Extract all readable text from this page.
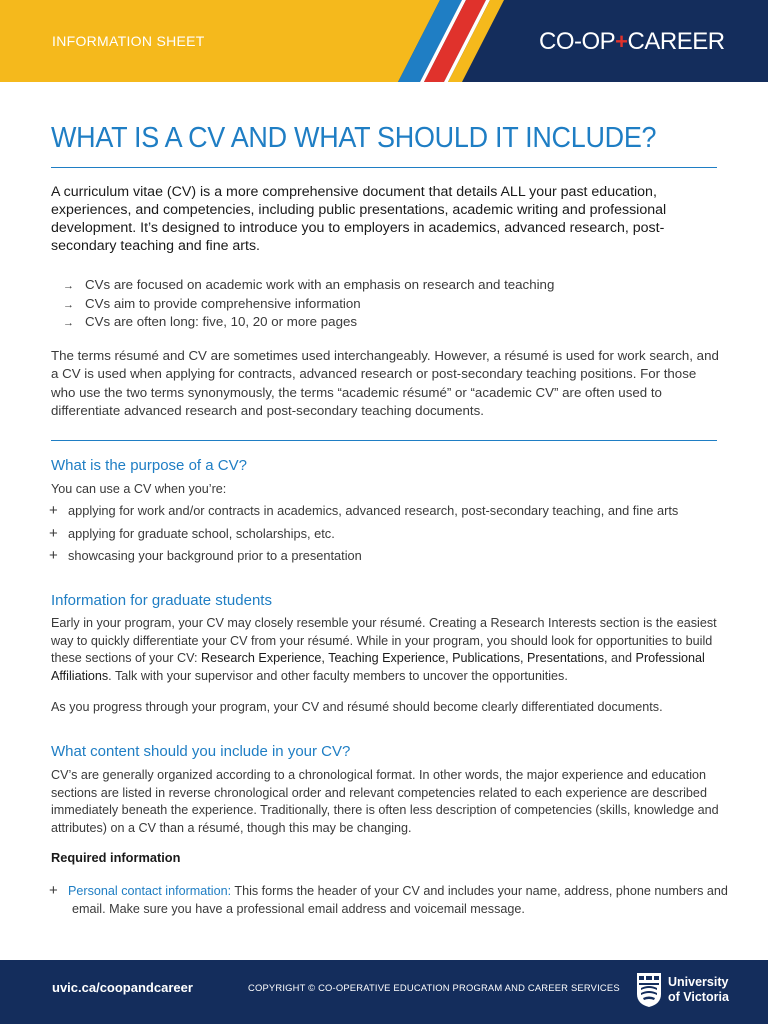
INFORMATION SHEET	CO-OP+CAREER
WHAT IS A CV AND WHAT SHOULD IT INCLUDE?

A curriculum vitae (CV) is a more comprehensive document that details ALL your past education, experiences, and competencies, including public presentations, academic writing and professional development. It’s designed to introduce you to employers in academics, advanced research, post-secondary teaching and fine arts.

→ CVs are focused on academic work with an emphasis on research and teaching
→ CVs aim to provide comprehensive information
→ CVs are often long: five, 10, 20 or more pages

The terms résumé and CV are sometimes used interchangeably. However, a résumé is used for work search, and a CV is used when applying for contracts, advanced research or post-secondary teaching positions. For those who use the two terms synonymously, the terms “academic résumé” or “academic CV” are often used to differentiate advanced research and post-secondary teaching documents.

What is the purpose of a CV?

You can use a CV when you’re:

+ applying for work and/or contracts in academics, advanced research, post-secondary teaching, and fine arts
+ applying for graduate school, scholarships, etc.
+ showcasing your background prior to a presentation
Information for graduate students

Early in your program, your CV may closely resemble your résumé. Creating a Research Interests section is the easiest way to quickly differentiate your CV from your résumé. While in your program, you should look for opportunities to build these sections of your CV: Research Experience, Teaching Experience, Publications, Presentations, and Professional Affiliations. Talk with your supervisor and other faculty members to uncover the opportunities.

As you progress through your program, your CV and résumé should become clearly differentiated documents.

What content should you include in your CV?

CV’s are generally organized according to a chronological format. In other words, the major experience and education sections are listed in reverse chronological order and relevant competencies related to each experience are described immediately beneath the experience. Traditionally, there is often less description of competencies (skills, knowledge and attributes) on a CV than a résumé, though this may be changing.

Required information

+ Personal contact information: This forms the header of your CV and includes your name, address, phone numbers and
email. Make sure you have a professional email address and voicemail message.
uvic.ca/coopandcareer	COPYRIGHT © CO-OPERATIVE EDUCATION PROGRAM AND CAREER SERVICES	University
of Victoria
